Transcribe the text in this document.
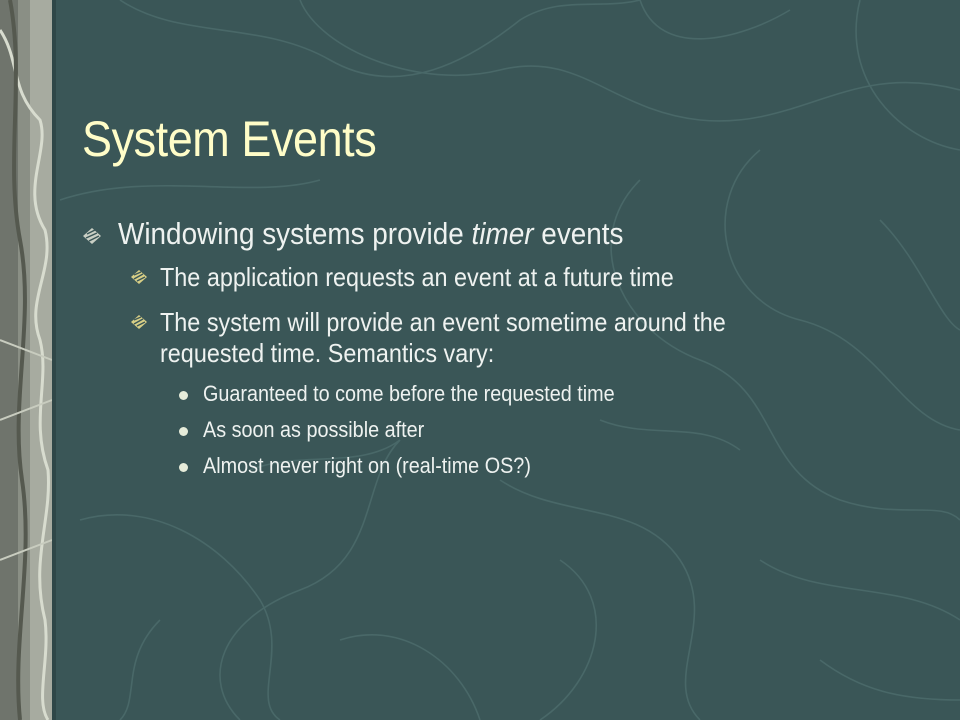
System Events
Windowing systems provide timer events
The application requests an event at a future time
The system will provide an event sometime around the
requested time. Semantics vary:
Guaranteed to come before the requested time
As soon as possible after
Almost never right on (real-time OS?)
